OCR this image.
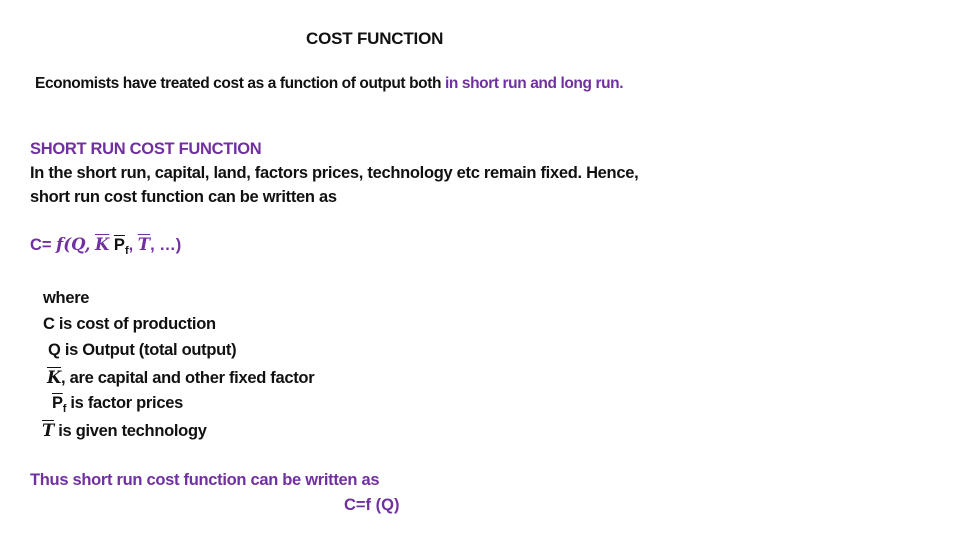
COST FUNCTION
Economists have treated cost as a function of output both in short run and long run.
SHORT RUN COST FUNCTION
In the short run, capital, land, factors prices, technology etc remain fixed. Hence,
short run cost function can be written as
C= f(Q, $\overline{K}$ $\overline{P}_f$, $\overline{T}$, …)
where
C is cost of production
Q is Output (total output)
$\overline{K}$, are capital and other fixed factor
$\overline{P}_f$ is factor prices
$\overline{T}$ is given technology
Thus short run cost function can be written as
C=f (Q)
